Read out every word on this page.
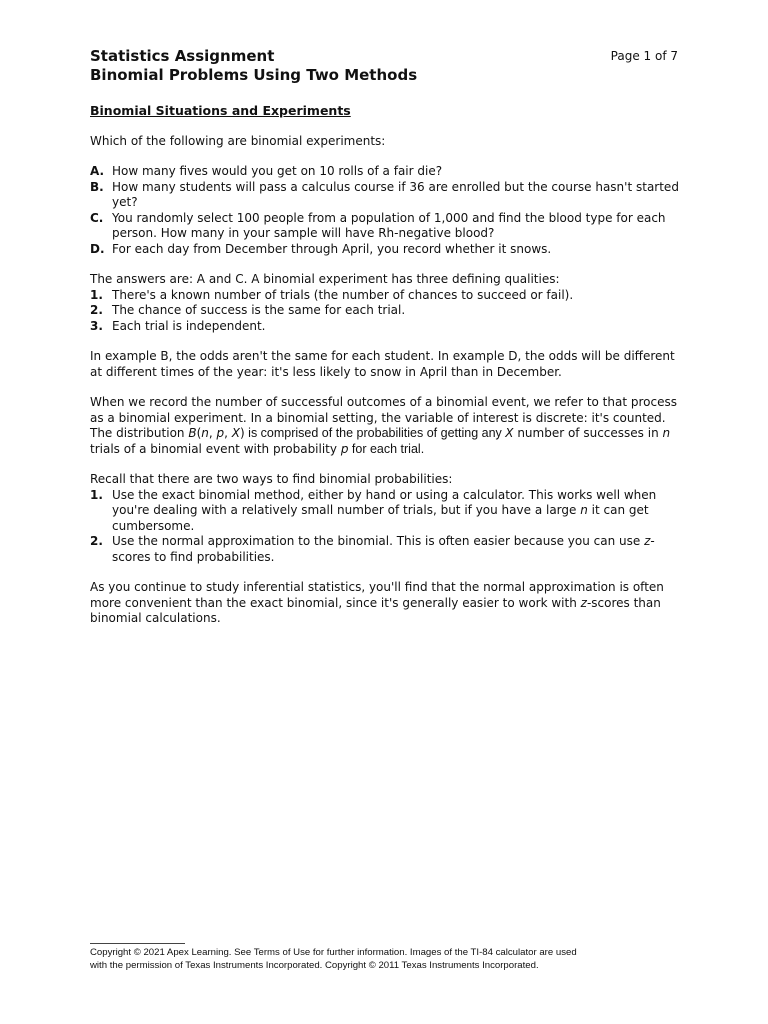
Statistics Assignment
Binomial Problems Using Two Methods
Page 1 of 7
Binomial Situations and Experiments

Which of the following are binomial experiments:

A. How many fives would you get on 10 rolls of a fair die?
B. How many students will pass a calculus course if 36 are enrolled but the course hasn't started yet?
C. You randomly select 100 people from a population of 1,000 and find the blood type for each person. How many in your sample will have Rh-negative blood?
D. For each day from December through April, you record whether it snows.

The answers are: A and C. A binomial experiment has three defining qualities:

1. There's a known number of trials (the number of chances to succeed or fail).
2. The chance of success is the same for each trial.
3. Each trial is independent.

In example B, the odds aren't the same for each student. In example D, the odds will be different at different times of the year: it's less likely to snow in April than in December.

When we record the number of successful outcomes of a binomial event, we refer to that process as a binomial experiment. In a binomial setting, the variable of interest is discrete: it's counted. The distribution B(n, p, X) is comprised of the probabilities of getting any X number of successes in n trials of a binomial event with probability p for each trial.

Recall that there are two ways to find binomial probabilities:

1. Use the exact binomial method, either by hand or using a calculator. This works well when you're dealing with a relatively small number of trials, but if you have a large n it can get cumbersome.
2. Use the normal approximation to the binomial. This is often easier because you can use z-scores to find probabilities.

As you continue to study inferential statistics, you'll find that the normal approximation is often more convenient than the exact binomial, since it's generally easier to work with z-scores than binomial calculations.

Copyright © 2021 Apex Learning. See Terms of Use for further information. Images of the TI-84 calculator are used
with the permission of Texas Instruments Incorporated. Copyright © 2011 Texas Instruments Incorporated.
